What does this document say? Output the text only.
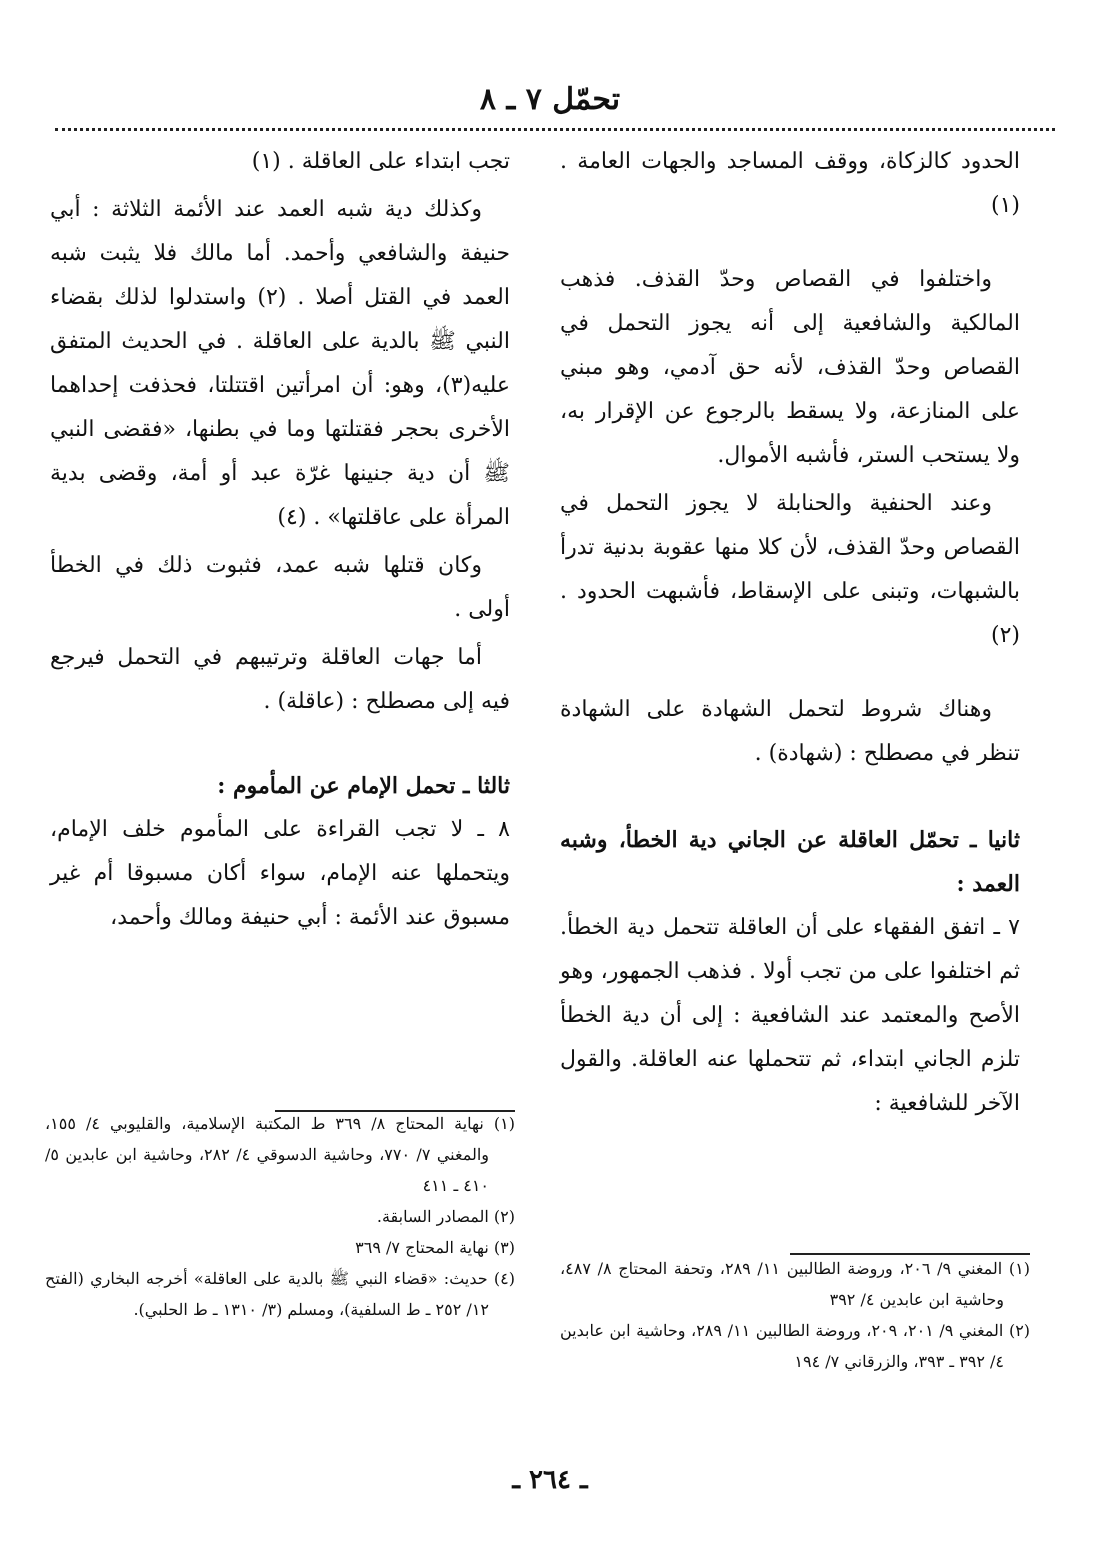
تحمّل ٧ ـ ٨

الحدود كالزكاة، ووقف المساجد والجهات العامة . (١)

واختلفوا في القصاص وحدّ القذف. فذهب المالكية والشافعية إلى أنه يجوز التحمل في القصاص وحدّ القذف، لأنه حق آدمي، وهو مبني على المنازعة، ولا يسقط بالرجوع عن الإقرار به، ولا يستحب الستر، فأشبه الأموال.

وعند الحنفية والحنابلة لا يجوز التحمل في القصاص وحدّ القذف، لأن كلا منها عقوبة بدنية تدرأ بالشبهات، وتبنى على الإسقاط، فأشبهت الحدود . (٢)

وهناك شروط لتحمل الشهادة على الشهادة تنظر في مصطلح : (شهادة) .

ثانيا ـ تحمّل العاقلة عن الجاني دية الخطأ، وشبه العمد :

٧ ـ اتفق الفقهاء على أن العاقلة تتحمل دية الخطأ. ثم اختلفوا على من تجب أولا . فذهب الجمهور، وهو الأصح والمعتمد عند الشافعية : إلى أن دية الخطأ تلزم الجاني ابتداء، ثم تتحملها عنه العاقلة. والقول الآخر للشافعية :

تجب ابتداء على العاقلة . (١)

وكذلك دية شبه العمد عند الأئمة الثلاثة : أبي حنيفة والشافعي وأحمد. أما مالك فلا يثبت شبه العمد في القتل أصلا . (٢) واستدلوا لذلك بقضاء النبي ﷺ بالدية على العاقلة . في الحديث المتفق عليه(٣)، وهو: أن امرأتين اقتتلتا، فحذفت إحداهما الأخرى بحجر فقتلتها وما في بطنها، «فقضى النبي ﷺ أن دية جنينها غرّة عبد أو أمة، وقضى بدية المرأة على عاقلتها» . (٤)

وكان قتلها شبه عمد، فثبوت ذلك في الخطأ أولى .

أما جهات العاقلة وترتيبهم في التحمل فيرجع فيه إلى مصطلح : (عاقلة) .

ثالثا ـ تحمل الإمام عن المأموم :

٨ ـ لا تجب القراءة على المأموم خلف الإمام، ويتحملها عنه الإمام، سواء أكان مسبوقا أم غير مسبوق عند الأئمة : أبي حنيفة ومالك وأحمد،

(١) نهاية المحتاج ٨/ ٣٦٩ ط المكتبة الإسلامية، والقليوبي ٤/ ١٥٥، والمغني ٧/ ٧٧٠، وحاشية الدسوقي ٤/ ٢٨٢، وحاشية ابن عابدين ٥/ ٤١٠ ـ ٤١١

(٢) المصادر السابقة.

(٣) نهاية المحتاج ٧/ ٣٦٩

(٤) حديث: «قضاء النبي ﷺ بالدية على العاقلة» أخرجه البخاري (الفتح ١٢/ ٢٥٢ ـ ط السلفية)، ومسلم (٣/ ١٣١٠ ـ ط الحلبي).

(١) المغني ٩/ ٢٠٦، وروضة الطالبين ١١/ ٢٨٩، وتحفة المحتاج ٨/ ٤٨٧، وحاشية ابن عابدين ٤/ ٣٩٢

(٢) المغني ٩/ ٢٠١، ٢٠٩، وروضة الطالبين ١١/ ٢٨٩، وحاشية ابن عابدين ٤/ ٣٩٢ ـ ٣٩٣، والزرقاني ٧/ ١٩٤

ـ ٢٦٤ ـ
